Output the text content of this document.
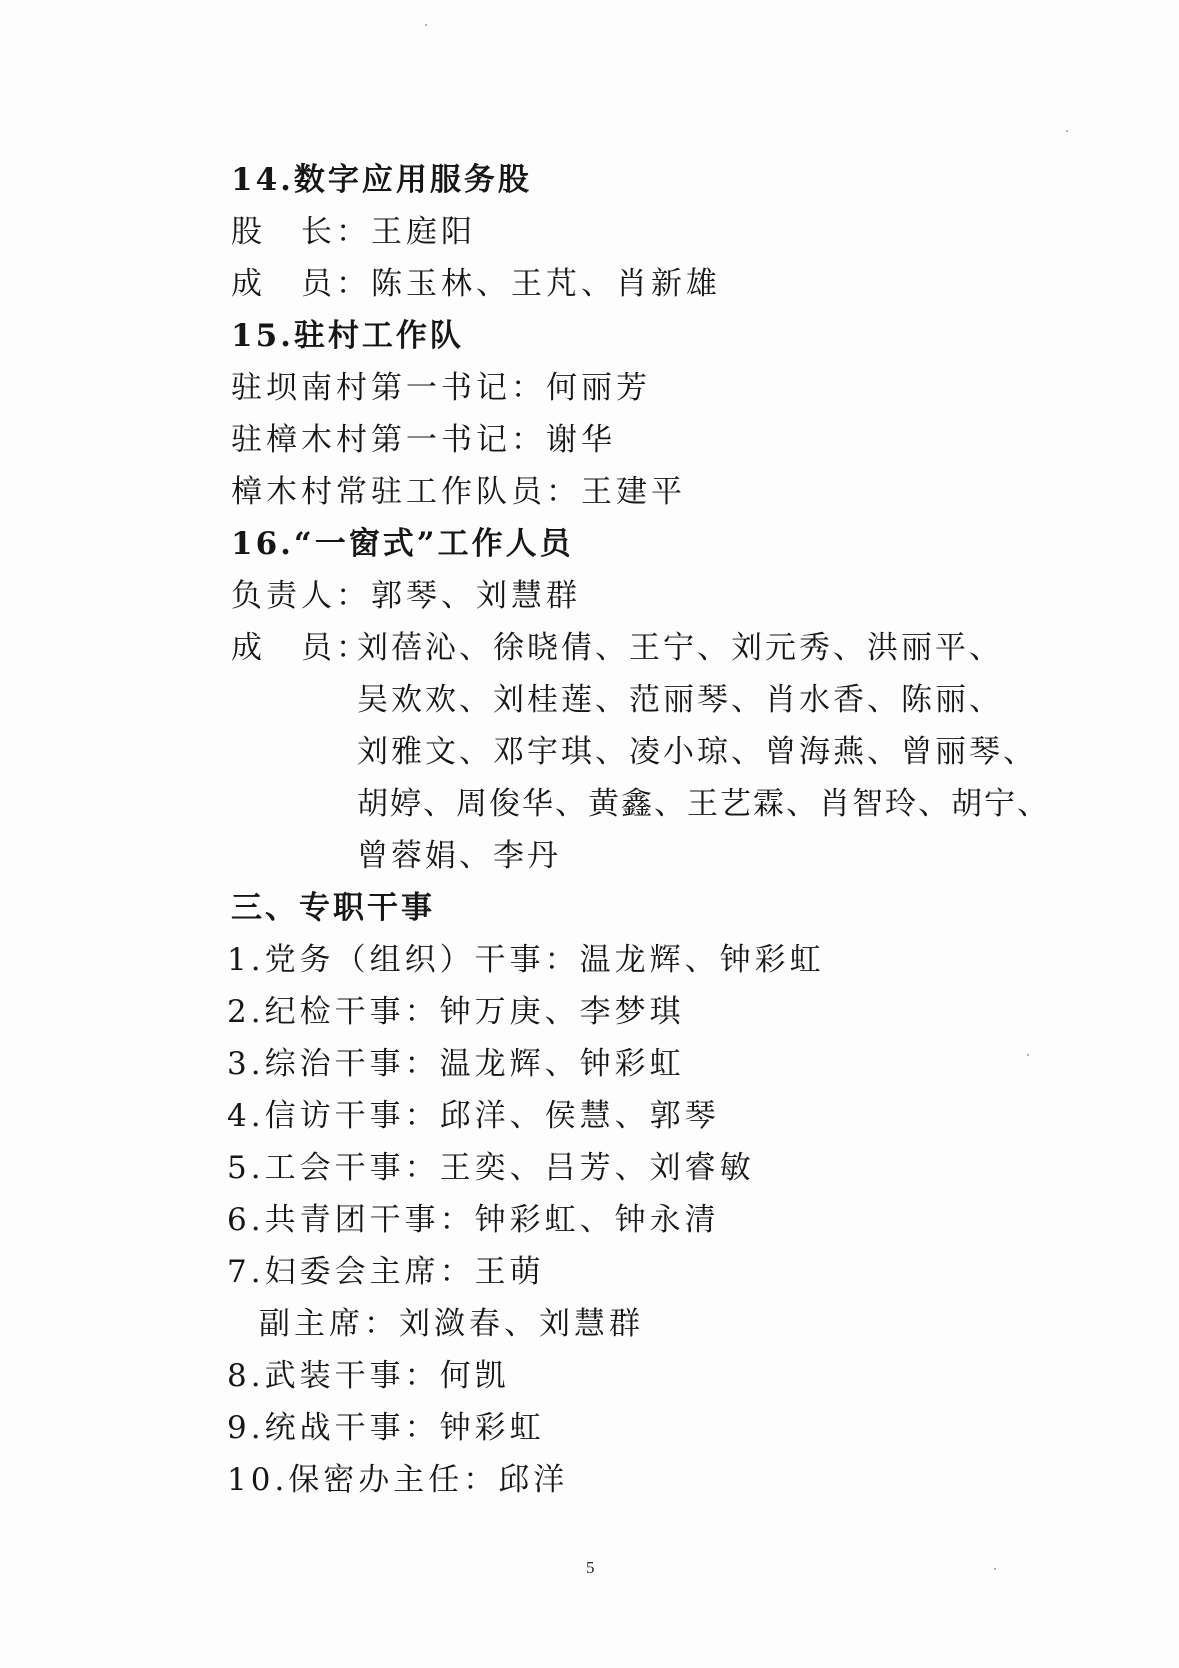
14.数字应用服务股
股　长：王庭阳
成　员：陈玉林、王芃、肖新雄
15.驻村工作队
驻坝南村第一书记：何丽芳
驻樟木村第一书记：谢华
樟木村常驻工作队员：王建平
16.“一窗式”工作人员
负责人：郭琴、刘慧群
成　员：
刘蓓沁、徐晓倩、王宁、刘元秀、洪丽平、
吴欢欢、刘桂莲、范丽琴、肖水香、陈丽、
刘雅文、邓宇琪、凌小琼、曾海燕、曾丽琴、
胡婷、周俊华、黄鑫、王艺霖、肖智玲、胡宁、
曾蓉娟、李丹
三、专职干事
1.党务（组织）干事：温龙辉、钟彩虹
2.纪检干事：钟万庚、李梦琪
3.综治干事：温龙辉、钟彩虹
4.信访干事：邱洋、侯慧、郭琴
5.工会干事：王奕、吕芳、刘睿敏
6.共青团干事：钟彩虹、钟永清
7.妇委会主席：王萌
副主席：刘潋春、刘慧群
8.武装干事：何凯
9.统战干事：钟彩虹
10.保密办主任：邱洋
5
